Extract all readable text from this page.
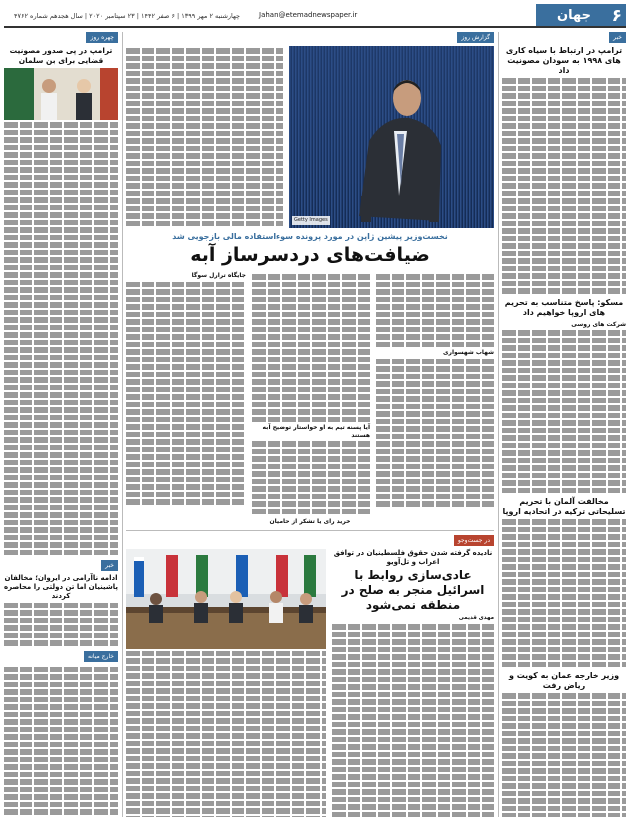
جهان ۶
Jahan@etemadnewspaper.ir
چهارشنبه ۲ مهر ۱۳۹۹ | ۶ صفر ۱۴۴۲ | ۲۳ سپتامبر ۲۰۲۰ | سال هجدهم شماره ۴۷۶۲
خبر
ترامپ در ارتباط با سیاه کاری های ۱۹۹۸ به سودان مصونیت داد
مسکو: پاسخ متناسب به تحریم های اروپا خواهیم داد
شرکت های روسی
مخالفت آلمان با تحریم تسلیحاتی ترکیه در اتحادیه اروپا
وزیر خارجه عمان به کویت و ریاض رفت
گزارش روز
Getty Images
نخست‌وزیر پیشین ژاپن در مورد پرونده سوءاستفاده مالی بازجویی شد
ضیافت‌های دردسرساز آبه
شهاب شهسواری
آیا پسنه تیم به او خواستار توضیح آبه هستند
جایگاه ترارل سوگا
خرید رای یا تشکر از حامیان
در جست‌وجو
نادیده گرفته شدن حقوق فلسطینیان در توافق اعراب و تل‌آویو
عادی‌سازی روابط با اسرائیل منجر به صلح در منطقه نمی‌شود
مهدی قدیمی
چهره روز
ترامپ در پی صدور مصونیت قضایی برای بن سلمان
خبر
ادامه ناآرامی در ایروان؛ مخالفان پاشینیان اما تن دولتی را محاصره کردند
خارج میانه
